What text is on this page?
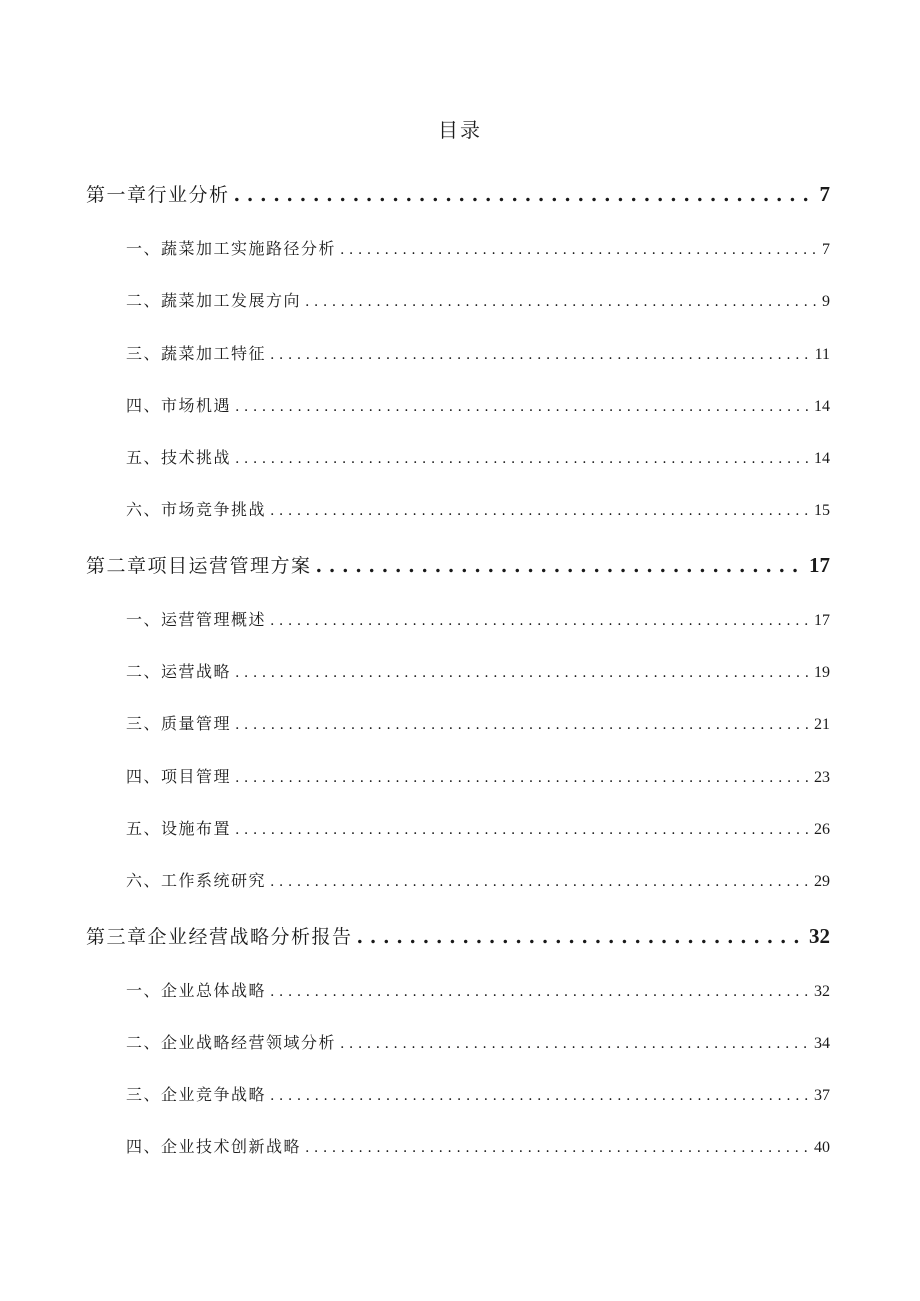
目录
第一章行业分析 . . .	7
一、蔬菜加工实施路径分析 . . .	7
二、蔬菜加工发展方向 . . .	9
三、蔬菜加工特征 . . .	11
四、市场机遇 . . .	14
五、技术挑战 . . .	14
六、市场竞争挑战 . . .	15
第二章项目运营管理方案 . . .	17
一、运营管理概述 . . .	17
二、运营战略 . . .	19
三、质量管理 . . .	21
四、项目管理 . . .	23
五、设施布置 . . .	26
六、工作系统研究 . . .	29
第三章企业经营战略分析报告 . . .	32
一、企业总体战略 . . .	32
二、企业战略经营领域分析 . . .	34
三、企业竞争战略 . . .	37
四、企业技术创新战略 . . .	40
